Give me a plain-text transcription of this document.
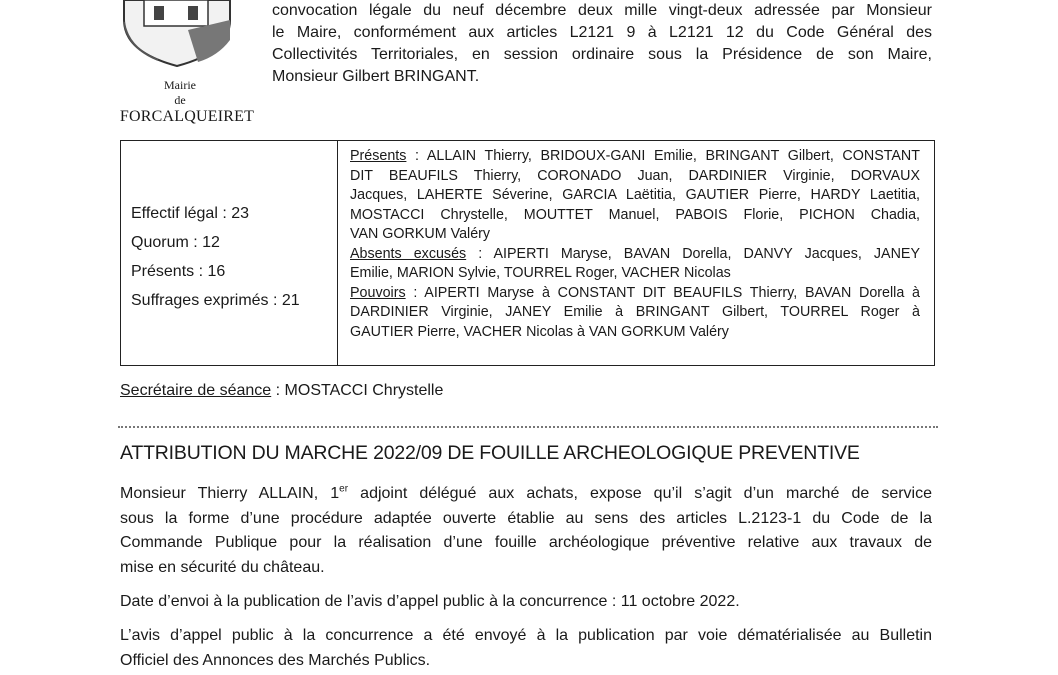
Mairie
de
FORCALQUEIRET
convocation légale du neuf décembre deux mille vingt-deux adressée par Monsieur
le Maire, conformément aux articles L2121 9 à L2121 12 du Code Général des
Collectivités Territoriales, en session ordinaire sous la Présidence de son Maire,
Monsieur Gilbert BRINGANT.
Effectif légal : 23
Quorum : 12
Présents : 16
Suffrages exprimés : 21
Présents : ALLAIN Thierry, BRIDOUX-GANI Emilie, BRINGANT Gilbert, CONSTANT
DIT BEAUFILS Thierry, CORONADO Juan, DARDINIER Virginie, DORVAUX
Jacques, LAHERTE Séverine, GARCIA Laëtitia, GAUTIER Pierre, HARDY Laetitia,
MOSTACCI Chrystelle, MOUTTET Manuel, PABOIS Florie, PICHON Chadia,
VAN GORKUM Valéry
Absents excusés : AIPERTI Maryse, BAVAN Dorella, DANVY Jacques, JANEY
Emilie, MARION Sylvie, TOURREL Roger, VACHER Nicolas
Pouvoirs : AIPERTI Maryse à CONSTANT DIT BEAUFILS Thierry, BAVAN Dorella à
DARDINIER Virginie, JANEY Emilie à BRINGANT Gilbert, TOURREL Roger à
GAUTIER Pierre, VACHER Nicolas à VAN GORKUM Valéry
Secrétaire de séance : MOSTACCI Chrystelle
ATTRIBUTION DU MARCHE 2022/09 DE FOUILLE ARCHEOLOGIQUE PREVENTIVE
Monsieur Thierry ALLAIN, 1er adjoint délégué aux achats, expose qu’il s’agit d’un marché de service
sous la forme d’une procédure adaptée ouverte établie au sens des articles L.2123-1 du Code de la
Commande Publique pour la réalisation d’une fouille archéologique préventive relative aux travaux de
mise en sécurité du château.
Date d’envoi à la publication de l’avis d’appel public à la concurrence : 11 octobre 2022.
L’avis d’appel public à la concurrence a été envoyé à la publication par voie dématérialisée au Bulletin
Officiel des Annonces des Marchés Publics.
